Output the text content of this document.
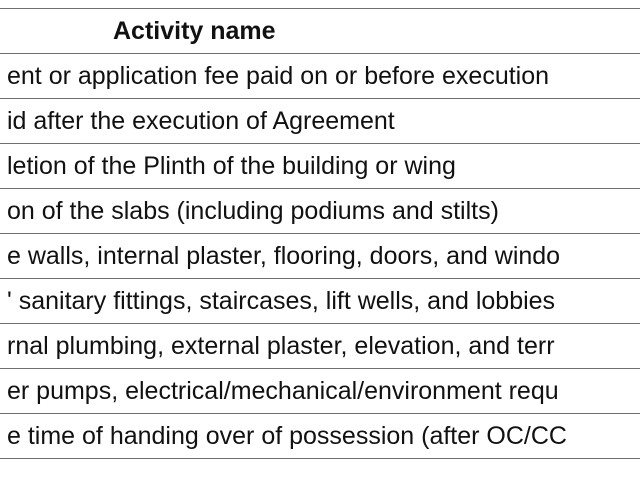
Activity name
ent or application fee paid on or before execution
id after the execution of Agreement
letion of the Plinth of the building or wing
on of the slabs (including podiums and stilts)
e walls, internal plaster, flooring, doors, and windo
' sanitary fittings, staircases, lift wells, and lobbies
rnal plumbing, external plaster, elevation, and terr
er pumps, electrical/mechanical/environment requ
e time of handing over of possession (after OC/CC
